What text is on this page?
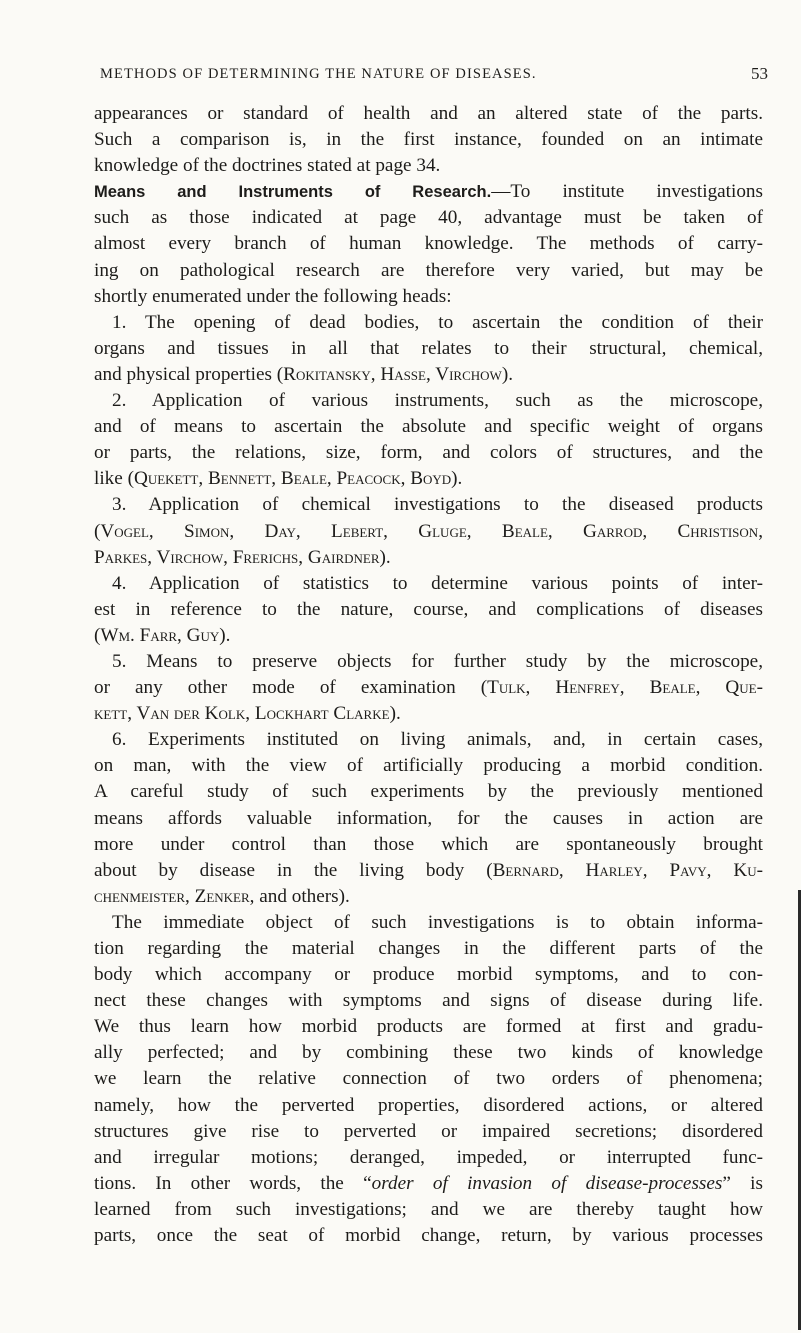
METHODS OF DETERMINING THE NATURE OF DISEASES.	53
appearances or standard of health and an altered state of the parts.
Such a comparison is, in the first instance, founded on an intimate
knowledge of the doctrines stated at page 34.
Means and Instruments of Research.—To institute investigations
such as those indicated at page 40, advantage must be taken of
almost every branch of human knowledge. The methods of carry-
ing on pathological research are therefore very varied, but may be
shortly enumerated under the following heads:
1. The opening of dead bodies, to ascertain the condition of their
organs and tissues in all that relates to their structural, chemical,
and physical properties (Rokitansky, Hasse, Virchow).
2. Application of various instruments, such as the microscope,
and of means to ascertain the absolute and specific weight of organs
or parts, the relations, size, form, and colors of structures, and the
like (Quekett, Bennett, Beale, Peacock, Boyd).
3. Application of chemical investigations to the diseased products
(Vogel, Simon, Day, Lebert, Gluge, Beale, Garrod, Christison,
Parkes, Virchow, Frerichs, Gairdner).
4. Application of statistics to determine various points of inter-
est in reference to the nature, course, and complications of diseases
(Wm. Farr, Guy).
5. Means to preserve objects for further study by the microscope,
or any other mode of examination (Tulk, Henfrey, Beale, Que-
kett, Van der Kolk, Lockhart Clarke).
6. Experiments instituted on living animals, and, in certain cases,
on man, with the view of artificially producing a morbid condition.
A careful study of such experiments by the previously mentioned
means affords valuable information, for the causes in action are
more under control than those which are spontaneously brought
about by disease in the living body (Bernard, Harley, Pavy, Ku-
chenmeister, Zenker, and others).
The immediate object of such investigations is to obtain informa-
tion regarding the material changes in the different parts of the
body which accompany or produce morbid symptoms, and to con-
nect these changes with symptoms and signs of disease during life.
We thus learn how morbid products are formed at first and gradu-
ally perfected; and by combining these two kinds of knowledge
we learn the relative connection of two orders of phenomena;
namely, how the perverted properties, disordered actions, or altered
structures give rise to perverted or impaired secretions; disordered
and irregular motions; deranged, impeded, or interrupted func-
tions. In other words, the “order of invasion of disease-processes” is
learned from such investigations; and we are thereby taught how
parts, once the seat of morbid change, return, by various processes
